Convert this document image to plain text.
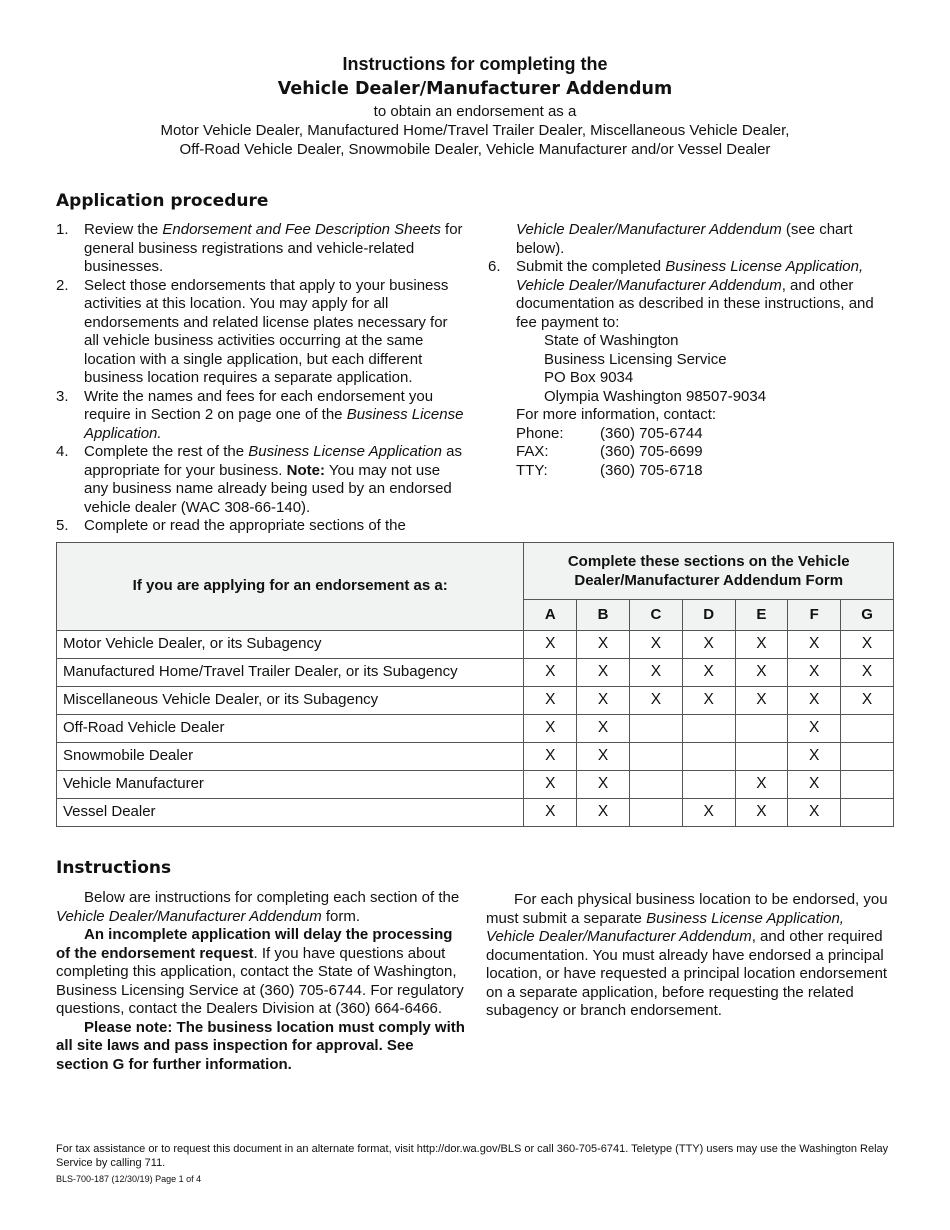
Instructions for completing the
Vehicle Dealer/Manufacturer Addendum
to obtain an endorsement as a
Motor Vehicle Dealer, Manufactured Home/Travel Trailer Dealer, Miscellaneous Vehicle Dealer,
Off-Road Vehicle Dealer, Snowmobile Dealer, Vehicle Manufacturer and/or Vessel Dealer
Application procedure
1.	Review the Endorsement and Fee Description Sheets for general business registrations and vehicle-related businesses.
2.	Select those endorsements that apply to your business activities at this location. You may apply for all endorsements and related license plates necessary for all vehicle business activities occurring at the same location with a single application, but each different business location requires a separate application.
3.	Write the names and fees for each endorsement you require in Section 2 on page one of the Business License Application.
4.	Complete the rest of the Business License Application as appropriate for your business. Note: You may not use any business name already being used by an endorsed vehicle dealer (WAC 308-66-140).
5.	Complete or read the appropriate sections of the
Vehicle Dealer/Manufacturer Addendum (see chart below).
6.	Submit the completed Business License Application, Vehicle Dealer/Manufacturer Addendum, and other documentation as described in these instructions, and fee payment to:
State of Washington
Business Licensing Service
PO Box 9034
Olympia Washington 98507-9034
For more information, contact:
Phone:	(360) 705-6744
FAX:	(360) 705-6699
TTY:	(360) 705-6718
If you are applying for an endorsement as a:	Complete these sections on the Vehicle Dealer/Manufacturer Addendum Form						
	A	B	C	D	E	F	G
Motor Vehicle Dealer, or its Subagency	X	X	X	X	X	X	X
Manufactured Home/Travel Trailer Dealer, or its Subagency	X	X	X	X	X	X	X
Miscellaneous Vehicle Dealer, or its Subagency	X	X	X	X	X	X	X
Off-Road Vehicle Dealer	X	X				X	
Snowmobile Dealer	X	X				X	
Vehicle Manufacturer	X	X			X	X	
Vessel Dealer	X	X		X	X	X	
Instructions

Below are instructions for completing each section of the Vehicle Dealer/Manufacturer Addendum form.

An incomplete application will delay the processing of the endorsement request. If you have questions about completing this application, contact the State of Washington, Business Licensing Service at (360) 705-6744. For regulatory questions, contact the Dealers Division at (360) 664-6466.

Please note: The business location must comply with all site laws and pass inspection for approval. See section G for further information.

For each physical business location to be endorsed, you must submit a separate Business License Application, Vehicle Dealer/Manufacturer Addendum, and other required documentation. You must already have endorsed a principal location, or have requested a principal location endorsement on a separate application, before requesting the related subagency or branch endorsement.

For tax assistance or to request this document in an alternate format, visit http://dor.wa.gov/BLS or call 360-705-6741. Teletype (TTY) users may use the Washington Relay Service by calling 711.
BLS-700-187 (12/30/19) Page 1 of 4
